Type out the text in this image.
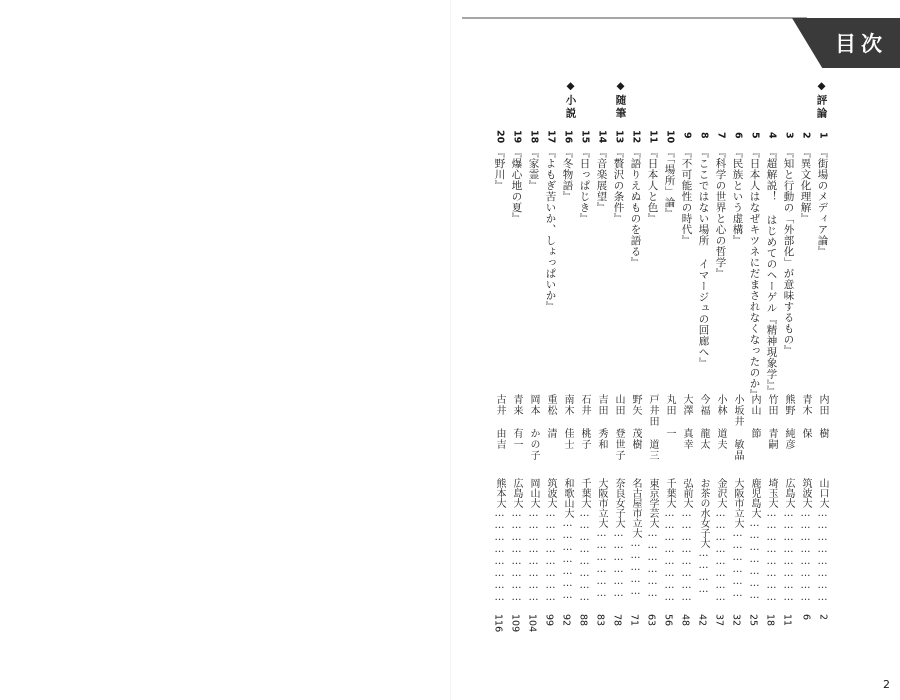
目次
◆評論
◆随筆
◆小説
1
『街場のメディア論』
内田 樹
山口大……………………
2
2
『異文化理解』
青木 保
筑波大……………………
6
3
『知と行動の「外部化」が意味するもの』
熊野 純彦
広島大……………………
11
4
『超解説！ はじめてのヘーゲル『精神現象学』』
竹田 青嗣
埼玉大……………………
18
5
『日本人はなぜキツネにだまされなくなったのか』
内山 節
鹿児島大…………………
25
6
『民族という虚構』
小坂井 敏晶
大阪市立大………………
32
7
『科学の世界と心の哲学』
小林 道夫
金沢大……………………
37
8
『ここではない場所 イマージュの回廊へ』
今福 龍太
お茶の水女子大…………
42
9
『不可能性の時代』
大澤 真幸
弘前大……………………
48
10
『「場所」論』
丸田 一
千葉大……………………
56
11
『日本人と色』
戸井田 道三
東京学芸大………………
63
12
『語りえぬものを語る』
野矢 茂樹
名古屋市立大……………
71
13
『贅沢の条件』
山田 登世子
奈良女子大………………
78
14
『音楽展望』
吉田 秀和
大阪市立大………………
83
15
『日っぱじき』
石井 桃子
千葉大……………………
88
16
『冬物語』
南木 佳士
和歌山大…………………
92
17
『よもぎ苦いか、しょっぱいか』
重松 清
筑波大……………………
99
18
『家霊』
岡本 かの子
岡山大……………………
104
19
『爆心地の夏』
青来 有一
広島大……………………
109
20
『野川』
古井 由吉
熊本大……………………
116
2
